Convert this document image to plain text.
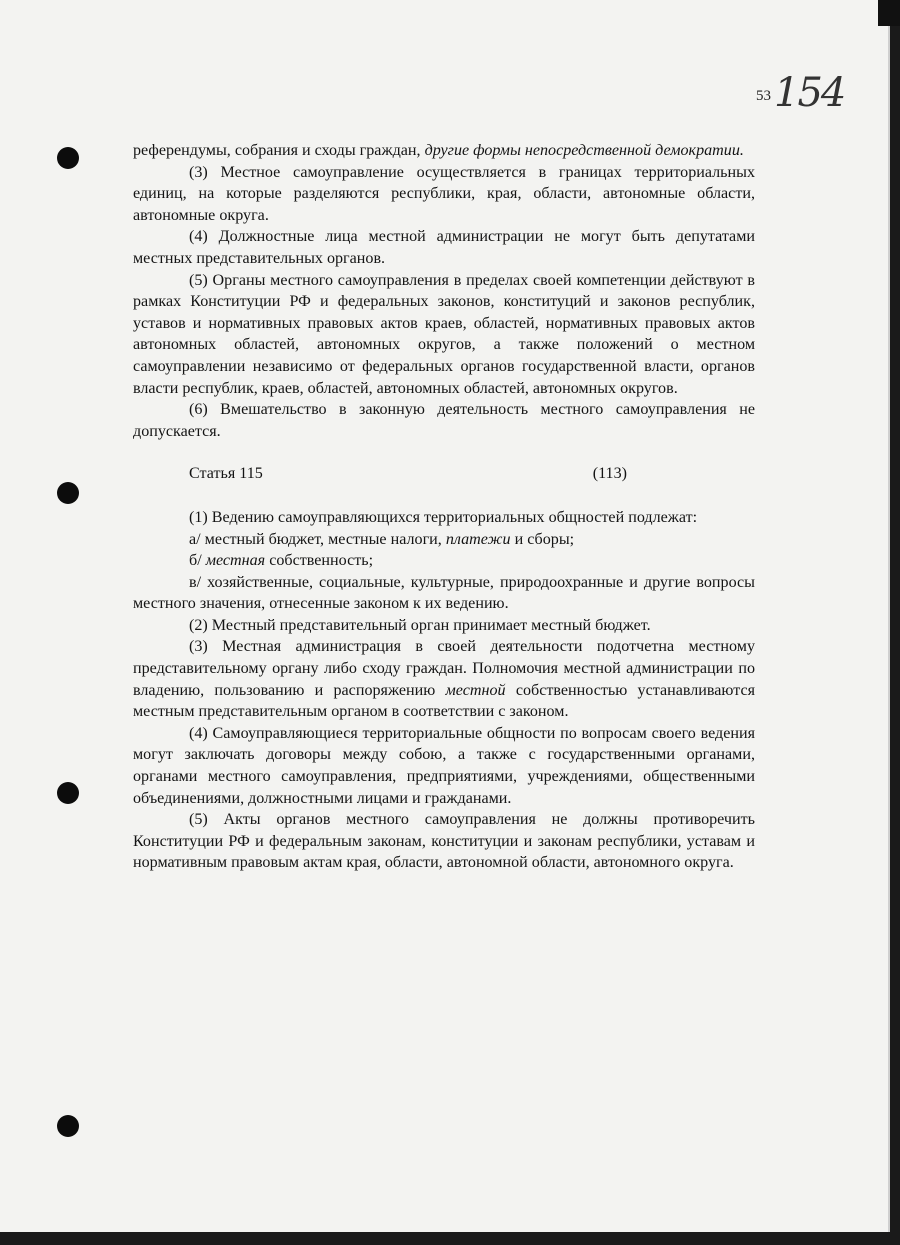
53 154

референдумы, собрания и сходы граждан, другие формы непосредственной демократии.

(3) Местное самоуправление осуществляется в границах территориальных единиц, на которые разделяются республики, края, области, автономные области, автономные округа.

(4) Должностные лица местной администрации не могут быть депутатами местных представительных органов.

(5) Органы местного самоуправления в пределах своей компетенции действуют в рамках Конституции РФ и федеральных законов, конституций и законов республик, уставов и нормативных правовых актов краев, областей, нормативных правовых актов автономных областей, автономных округов, а также положений о местном самоуправлении независимо от федеральных органов государственной власти, органов власти республик, краев, областей, автономных областей, автономных округов.

(6) Вмешательство в законную деятельность местного самоуправления не допускается.

Статья 115	(113)

(1) Ведению самоуправляющихся территориальных общностей подлежат:

а/ местный бюджет, местные налоги, платежи и сборы;

б/ местная собственность;

в/ хозяйственные, социальные, культурные, природоохранные и другие вопросы местного значения, отнесенные законом к их ведению.

(2) Местный представительный орган принимает местный бюджет.

(3) Местная администрация в своей деятельности подотчетна местному представительному органу либо сходу граждан. Полномочия местной администрации по владению, пользованию и распоряжению местной собственностью устанавливаются местным представительным органом в соответствии с законом.

(4) Самоуправляющиеся территориальные общности по вопросам своего ведения могут заключать договоры между собою, а также с государственными органами, органами местного самоуправления, предприятиями, учреждениями, общественными объединениями, должностными лицами и гражданами.

(5) Акты органов местного самоуправления не должны противоречить Конституции РФ и федеральным законам, конституции и законам республики, уставам и нормативным правовым актам края, области, автономной области, автономного округа.
